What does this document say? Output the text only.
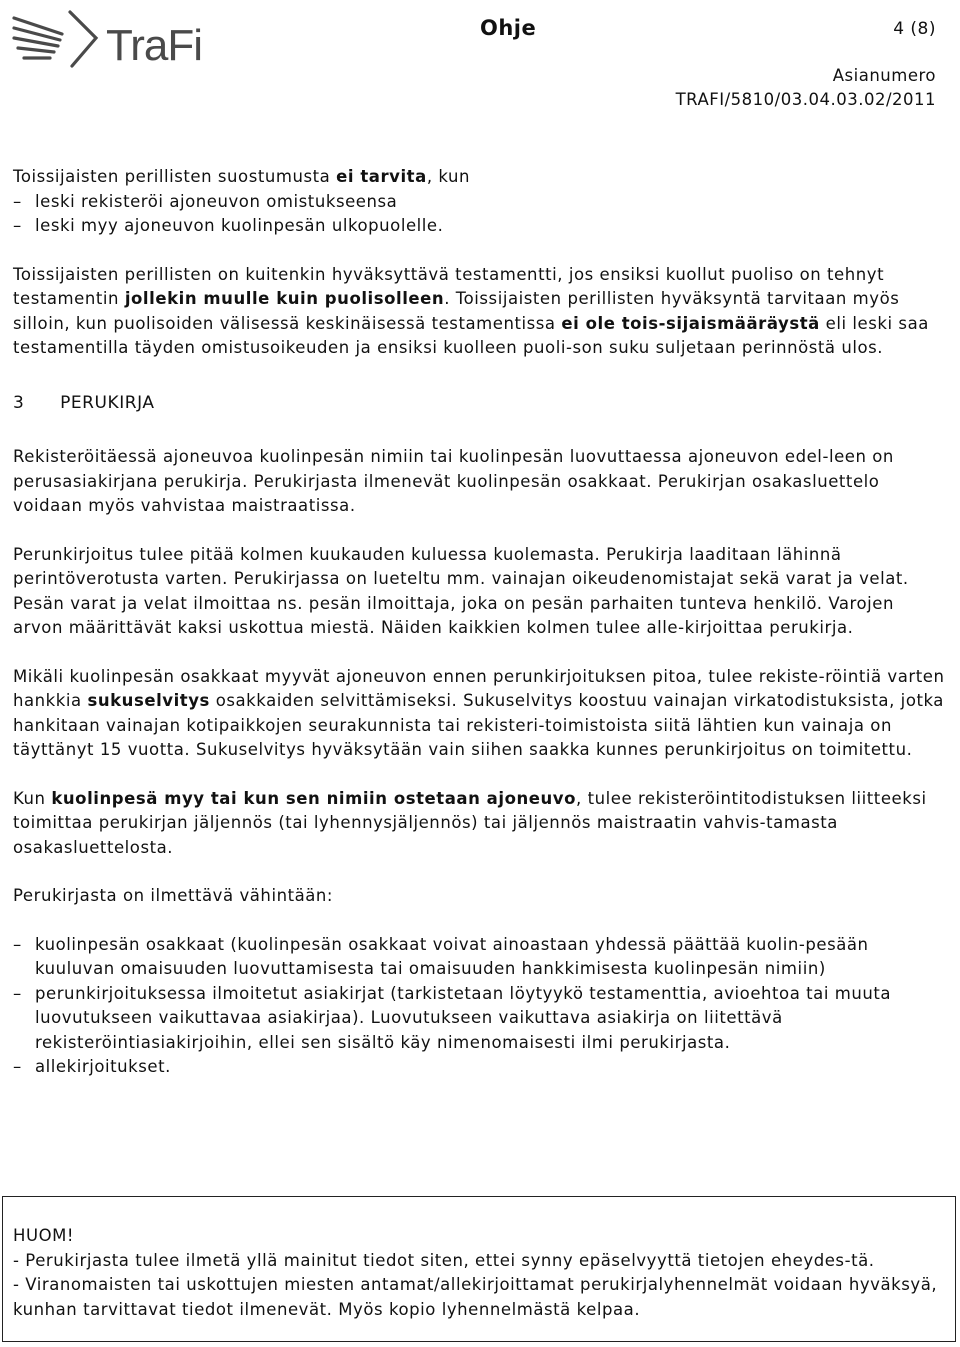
TraFi	Ohje	4 (8)
Asianumero
TRAFI/5810/03.04.03.02/2011

Toissijaisten perillisten suostumusta ei tarvita, kun

– leski rekisteröi ajoneuvon omistukseensa
– leski myy ajoneuvon kuolinpesän ulkopuolelle.

Toissijaisten perillisten on kuitenkin hyväksyttävä testamentti, jos ensiksi kuollut puoliso on tehnyt testamentin jollekin muulle kuin puolisolleen. Toissijaisten perillisten hyväksyntä tarvitaan myös silloin, kun puolisoiden välisessä keskinäisessä testamentissa ei ole tois-sijaismääräystä eli leski saa testamentilla täyden omistusoikeuden ja ensiksi kuolleen puoli-son suku suljetaan perinnöstä ulos.

3      PERUKIRJA

Rekisteröitäessä ajoneuvoa kuolinpesän nimiin tai kuolinpesän luovuttaessa ajoneuvon edel-leen on perusasiakirjana perukirja. Perukirjasta ilmenevät kuolinpesän osakkaat. Perukirjan osakasluettelo voidaan myös vahvistaa maistraatissa.

Perunkirjoitus tulee pitää kolmen kuukauden kuluessa kuolemasta. Perukirja laaditaan lähinnä perintöverotusta varten. Perukirjassa on lueteltu mm. vainajan oikeudenomistajat sekä varat ja velat. Pesän varat ja velat ilmoittaa ns. pesän ilmoittaja, joka on pesän parhaiten tunteva henkilö. Varojen arvon määrittävät kaksi uskottua miestä. Näiden kaikkien kolmen tulee alle-kirjoittaa perukirja.

Mikäli kuolinpesän osakkaat myyvät ajoneuvon ennen perunkirjoituksen pitoa, tulee rekiste-röintiä varten hankkia sukuselvitys osakkaiden selvittämiseksi. Sukuselvitys koostuu vainajan virkatodistuksista, jotka hankitaan vainajan kotipaikkojen seurakunnista tai rekisteri-toimistoista siitä lähtien kun vainaja on täyttänyt 15 vuotta. Sukuselvitys hyväksytään vain siihen saakka kunnes perunkirjoitus on toimitettu.

Kun kuolinpesä myy tai kun sen nimiin ostetaan ajoneuvo, tulee rekisteröintitodistuksen liitteeksi toimittaa perukirjan jäljennös (tai lyhennysjäljennös) tai jäljennös maistraatin vahvis-tamasta osakasluettelosta.

Perukirjasta on ilmettävä vähintään:

– kuolinpesän osakkaat (kuolinpesän osakkaat voivat ainoastaan yhdessä päättää kuolin-pesään kuuluvan omaisuuden luovuttamisesta tai omaisuuden hankkimisesta kuolinpesän nimiin)
– perunkirjoituksessa ilmoitetut asiakirjat (tarkistetaan löytyykö testamenttia, avioehtoa tai muuta luovutukseen vaikuttavaa asiakirjaa). Luovutukseen vaikuttava asiakirja on liitettävä rekisteröintiasiakirjoihin, ellei sen sisältö käy nimenomaisesti ilmi perukirjasta.
– allekirjoitukset.

HUOM!

- Perukirjasta tulee ilmetä yllä mainitut tiedot siten, ettei synny epäselvyyttä tietojen eheydes-tä.

- Viranomaisten tai uskottujen miesten antamat/allekirjoittamat perukirjalyhennelmät voidaan hyväksyä, kunhan tarvittavat tiedot ilmenevät. Myös kopio lyhennelmästä kelpaa.
